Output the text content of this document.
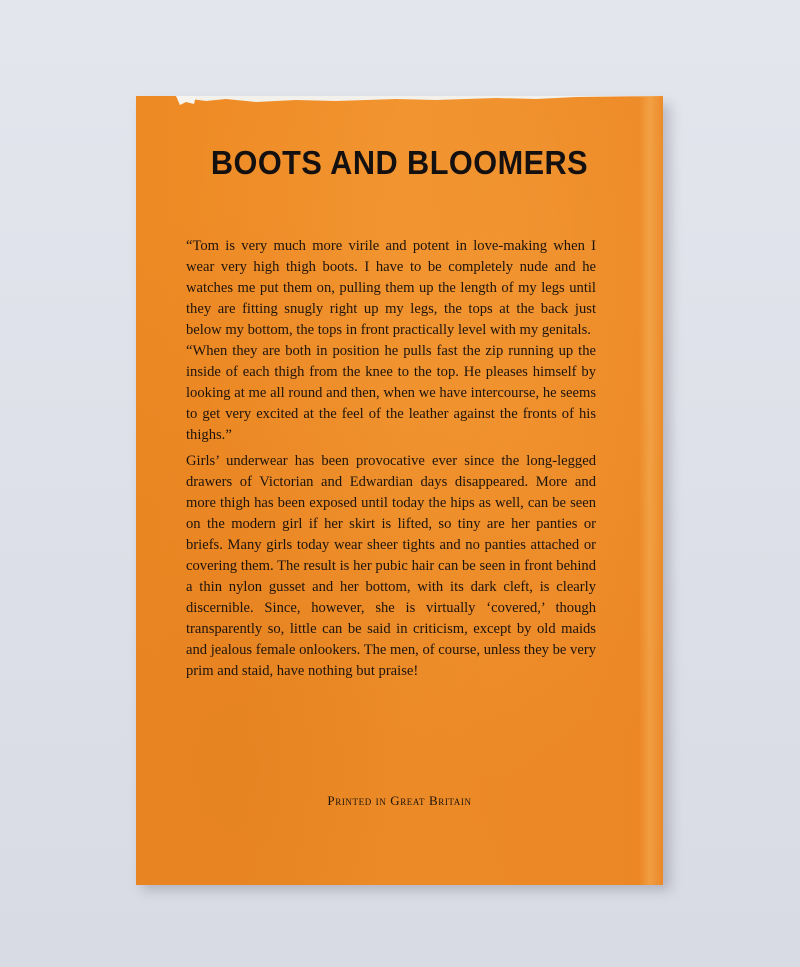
BOOTS AND BLOOMERS

“Tom is very much more virile and potent in love-making when I wear very high thigh boots. I have to be completely nude and he watches me put them on, pulling them up the length of my legs until they are fitting snugly right up my legs, the tops at the back just below my bottom, the tops in front practically level with my genitals.

“When they are both in position he pulls fast the zip running up the inside of each thigh from the knee to the top. He pleases himself by looking at me all round and then, when we have intercourse, he seems to get very excited at the feel of the leather against the fronts of his thighs.”

Girls’ underwear has been provocative ever since the long-legged drawers of Victorian and Edwardian days disappeared. More and more thigh has been exposed until today the hips as well, can be seen on the modern girl if her skirt is lifted, so tiny are her panties or briefs. Many girls today wear sheer tights and no panties attached or covering them. The result is her pubic hair can be seen in front behind a thin nylon gusset and her bottom, with its dark cleft, is clearly discernible. Since, however, she is virtually ‘covered,’ though transparently so, little can be said in criticism, except by old maids and jealous female onlookers. The men, of course, unless they be very prim and staid, have nothing but praise!

Printed in Great Britain
